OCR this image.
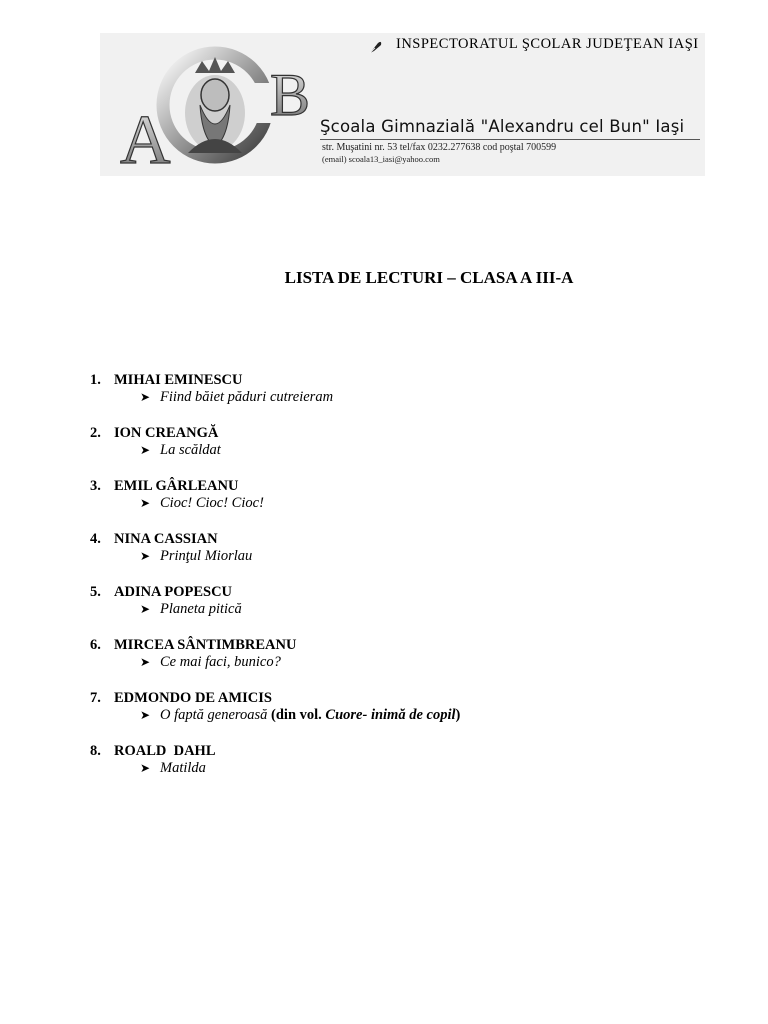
A
B
INSPECTORATUL ŞCOLAR JUDEŢEAN IAŞI
Şcoala Gimnazială "Alexandru cel Bun" Iaşi
str. Muşatini nr. 53 tel/fax 0232.277638 cod poştal 700599
(email) scoala13_iasi@yahoo.com
LISTA DE LECTURI – CLASA A III-A
1. MIHAI EMINESCU
➤ Fiind băiet păduri cutreieram
2. ION CREANGĂ
➤ La scăldat
3. EMIL GÂRLEANU
➤ Cioc! Cioc! Cioc!
4. NINA CASSIAN
➤ Prinţul Miorlau
5. ADINA POPESCU
➤ Planeta pitică
6. MIRCEA SÂNTIMBREANU
➤ Ce mai faci, bunico?
7. EDMONDO DE AMICIS
➤ O faptă generoasă (din vol. Cuore- inimă de copil)
8. ROALD  DAHL
➤ Matilda
